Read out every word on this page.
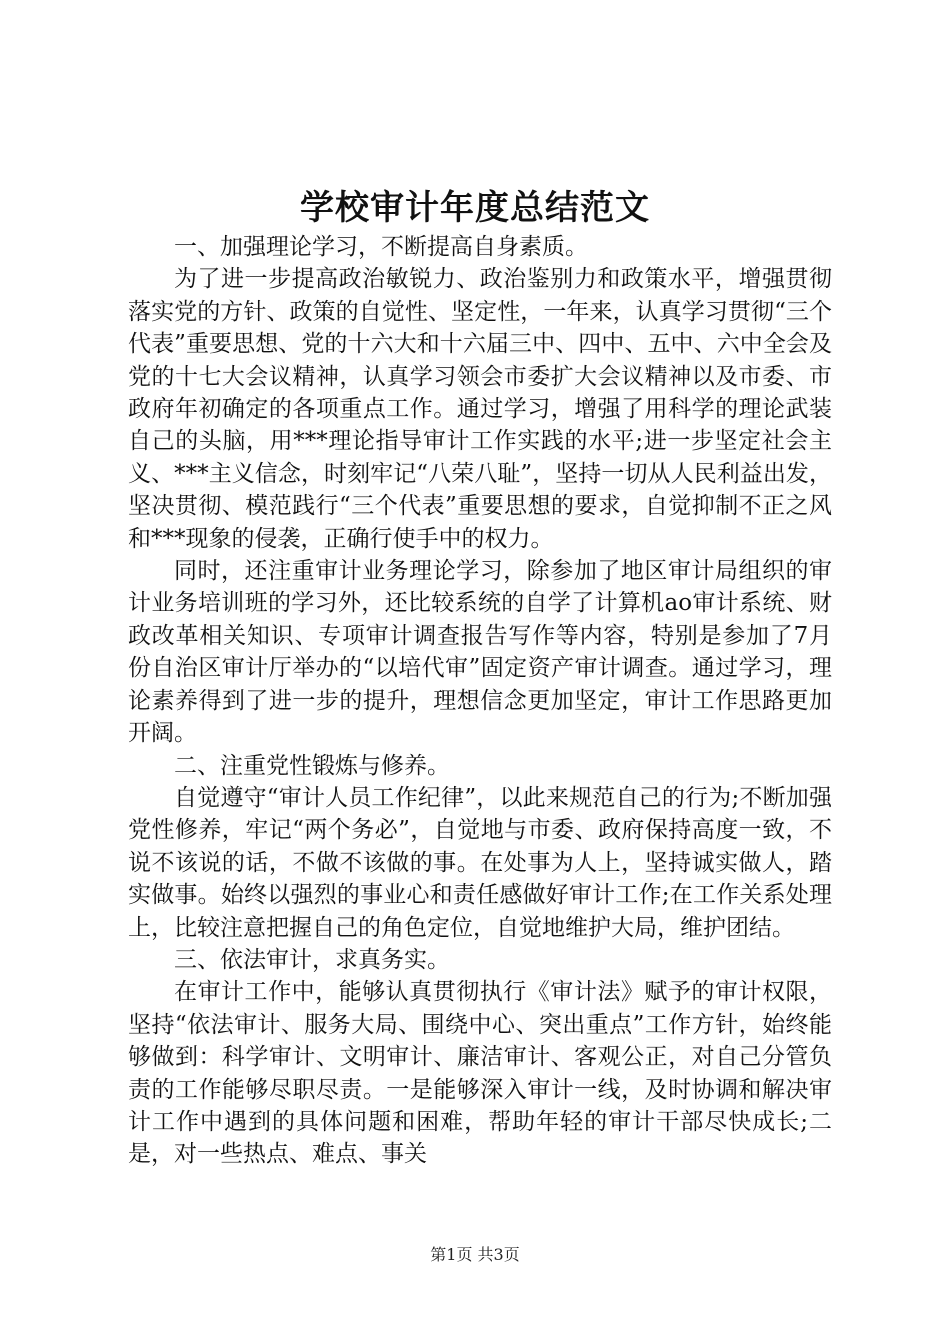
学校审计年度总结范文

一、加强理论学习，不断提高自身素质。

为了进一步提高政治敏锐力、政治鉴别力和政策水平，增强贯彻落实党的方针、政策的自觉性、坚定性，一年来，认真学习贯彻“三个代表”重要思想、党的十六大和十六届三中、四中、五中、六中全会及党的十七大会议精神，认真学习领会市委扩大会议精神以及市委、市政府年初确定的各项重点工作。通过学习，增强了用科学的理论武装自己的头脑，用***理论指导审计工作实践的水平;进一步坚定社会主义、***主义信念，时刻牢记“八荣八耻”，坚持一切从人民利益出发，坚决贯彻、模范践行“三个代表”重要思想的要求，自觉抑制不正之风和***现象的侵袭，正确行使手中的权力。

同时，还注重审计业务理论学习，除参加了地区审计局组织的审计业务培训班的学习外，还比较系统的自学了计算机ao审计系统、财政改革相关知识、专项审计调查报告写作等内容，特别是参加了7月份自治区审计厅举办的“以培代审”固定资产审计调查。通过学习，理论素养得到了进一步的提升，理想信念更加坚定，审计工作思路更加开阔。

二、注重党性锻炼与修养。

自觉遵守“审计人员工作纪律”，以此来规范自己的行为;不断加强党性修养，牢记“两个务必”，自觉地与市委、政府保持高度一致，不说不该说的话，不做不该做的事。在处事为人上，坚持诚实做人，踏实做事。始终以强烈的事业心和责任感做好审计工作;在工作关系处理上，比较注意把握自己的角色定位，自觉地维护大局，维护团结。

三、依法审计，求真务实。

在审计工作中，能够认真贯彻执行《审计法》赋予的审计权限，坚持“依法审计、服务大局、围绕中心、突出重点”工作方针，始终能够做到：科学审计、文明审计、廉洁审计、客观公正，对自己分管负责的工作能够尽职尽责。一是能够深入审计一线，及时协调和解决审计工作中遇到的具体问题和困难，帮助年轻的审计干部尽快成长;二是，对一些热点、难点、事关

第1页 共3页
